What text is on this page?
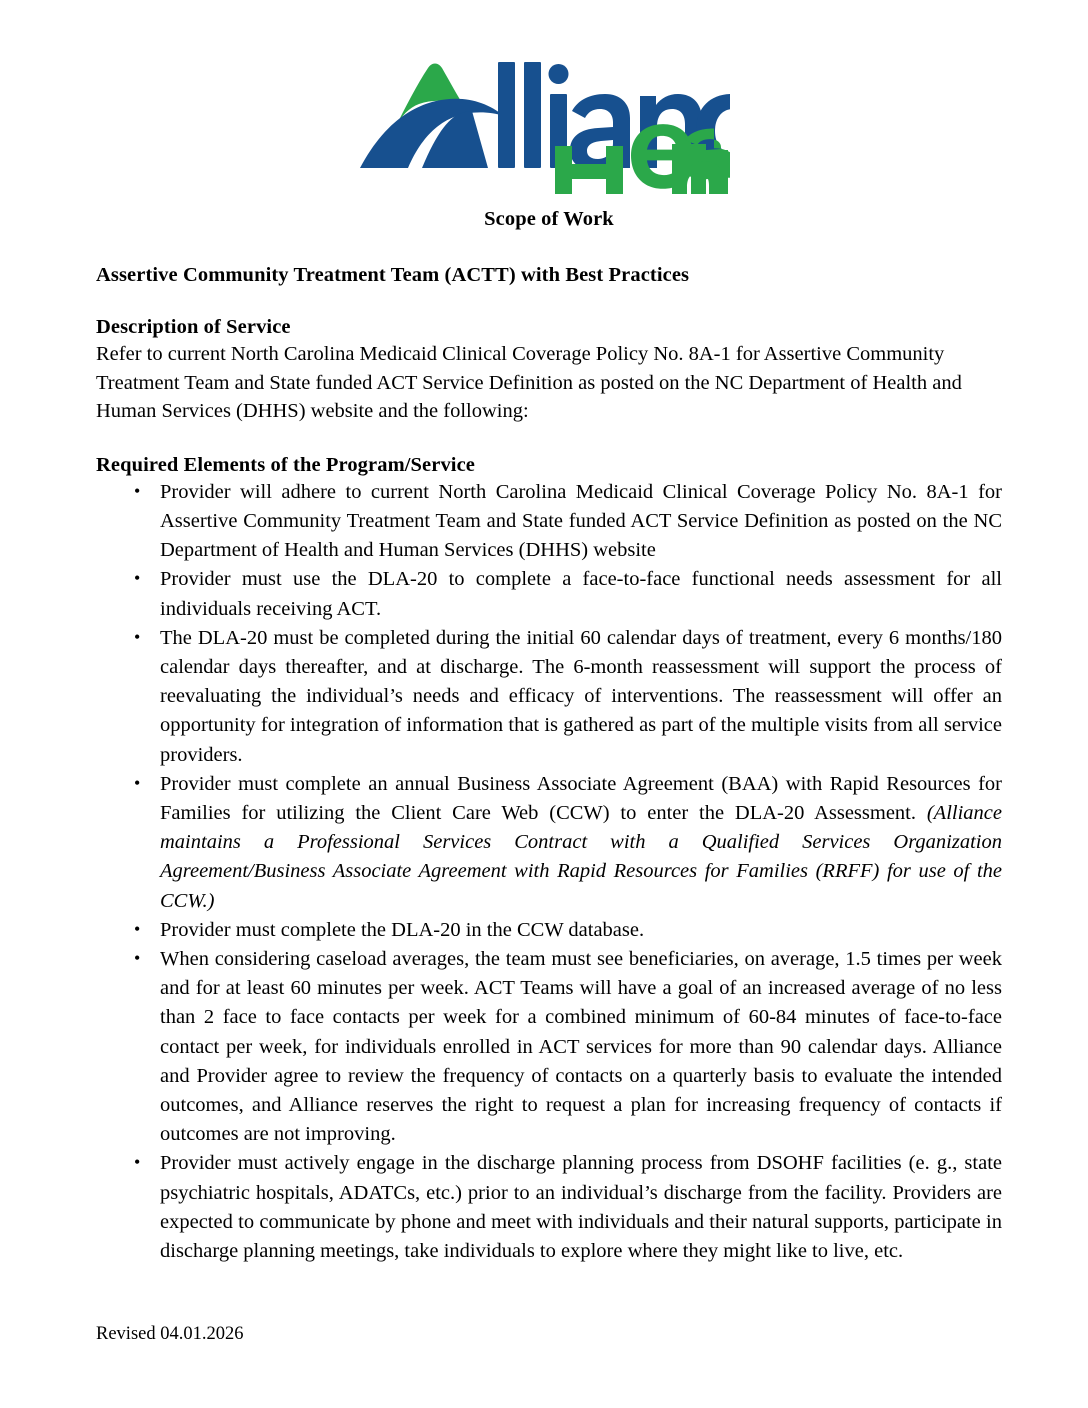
Scope of Work
Assertive Community Treatment Team (ACTT) with Best Practices
Description of Service

Refer to current North Carolina Medicaid Clinical Coverage Policy No. 8A-1 for Assertive Community Treatment Team and State funded ACT Service Definition as posted on the NC Department of Health and Human Services (DHHS) website and the following:

Required Elements of the Program/Service
• Provider will adhere to current North Carolina Medicaid Clinical Coverage Policy No. 8A-1 for Assertive Community Treatment Team and State funded ACT Service Definition as posted on the NC Department of Health and Human Services (DHHS) website
• Provider must use the DLA-20 to complete a face-to-face functional needs assessment for all individuals receiving ACT.
• The DLA-20 must be completed during the initial 60 calendar days of treatment, every 6 months/180 calendar days thereafter, and at discharge. The 6-month reassessment will support the process of reevaluating the individual’s needs and efficacy of interventions. The reassessment will offer an opportunity for integration of information that is gathered as part of the multiple visits from all service providers.
• Provider must complete an annual Business Associate Agreement (BAA) with Rapid Resources for Families for utilizing the Client Care Web (CCW) to enter the DLA-20 Assessment. (Alliance maintains a Professional Services Contract with a Qualified Services Organization Agreement/Business Associate Agreement with Rapid Resources for Families (RRFF) for use of the CCW.)
• Provider must complete the DLA-20 in the CCW database.
• When considering caseload averages, the team must see beneficiaries, on average, 1.5 times per week and for at least 60 minutes per week. ACT Teams will have a goal of an increased average of no less than 2 face to face contacts per week for a combined minimum of 60-84 minutes of face-to-face contact per week, for individuals enrolled in ACT services for more than 90 calendar days. Alliance and Provider agree to review the frequency of contacts on a quarterly basis to evaluate the intended outcomes, and Alliance reserves the right to request a plan for increasing frequency of contacts if outcomes are not improving.
• Provider must actively engage in the discharge planning process from DSOHF facilities (e. g., state psychiatric hospitals, ADATCs, etc.) prior to an individual’s discharge from the facility. Providers are expected to communicate by phone and meet with individuals and their natural supports, participate in discharge planning meetings, take individuals to explore where they might like to live, etc.
Revised 04.01.2026
